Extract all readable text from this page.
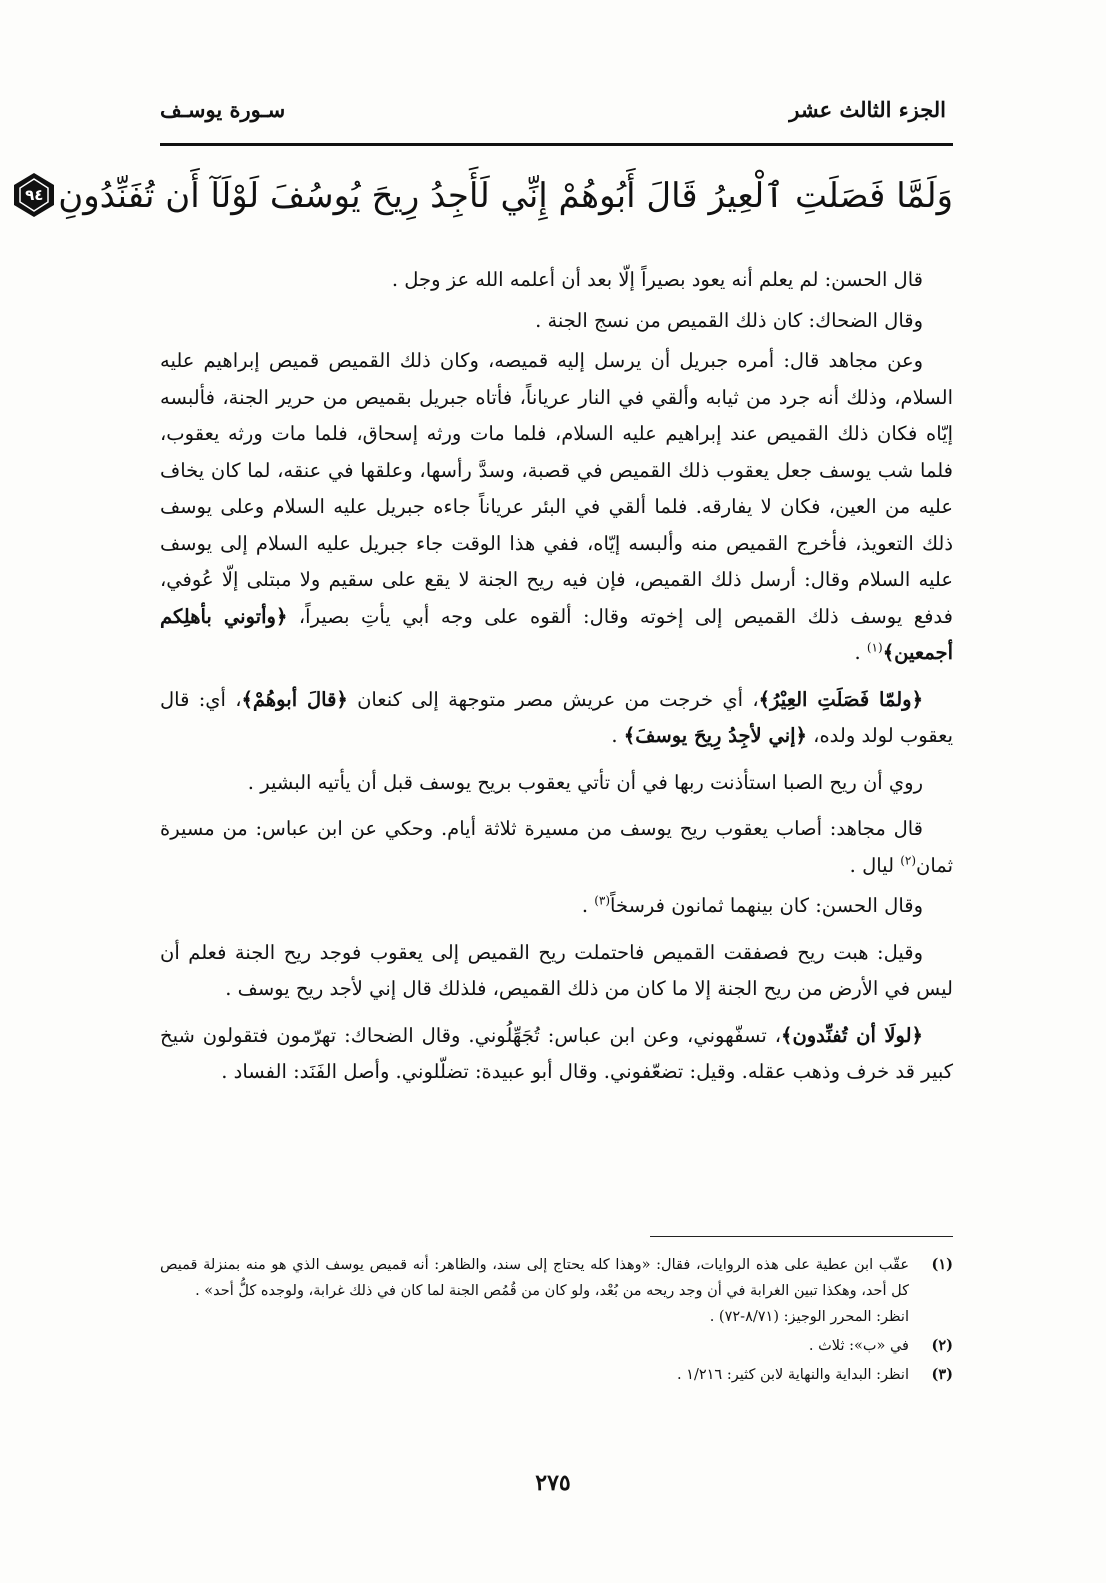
الجزء الثالث عشر
سـورة يوسـف
وَلَمَّا فَصَلَتِ ٱلْعِيرُ قَالَ أَبُوهُمْ إِنِّي لَأَجِدُ رِيحَ يُوسُفَ لَوْلَآ أَن تُفَنِّدُونِ
٩٤

قال الحسن: لم يعلم أنه يعود بصيراً إلّا بعد أن أعلمه الله عز وجل .

وقال الضحاك: كان ذلك القميص من نسج الجنة .

وعن مجاهد قال: أمره جبريل أن يرسل إليه قميصه، وكان ذلك القميص قميص إبراهيم عليه السلام، وذلك أنه جرد من ثيابه وألقي في النار عرياناً، فأتاه جبريل بقميص من حرير الجنة، فألبسه إيّاه فكان ذلك القميص عند إبراهيم عليه السلام، فلما مات ورثه إسحاق، فلما مات ورثه يعقوب، فلما شب يوسف جعل يعقوب ذلك القميص في قصبة، وسدَّ رأسها، وعلقها في عنقه، لما كان يخاف عليه من العين، فكان لا يفارقه. فلما ألقي في البئر عرياناً جاءه جبريل عليه السلام وعلى يوسف ذلك التعويذ، فأخرج القميص منه وألبسه إيّاه، ففي هذا الوقت جاء جبريل عليه السلام إلى يوسف عليه السلام وقال: أرسل ذلك القميص، فإن فيه ريح الجنة لا يقع على سقيم ولا مبتلى إلّا عُوفي، فدفع يوسف ذلك القميص إلى إخوته وقال: ألقوه على وجه أبي يأتِ بصيراً، ﴿وأتوني بأهلِكم أجمعين﴾$^{(١)}$ .

﴿ولمّا فَصَلَتِ العِيْرُ﴾، أي خرجت من عريش مصر متوجهة إلى كنعان ﴿قالَ أبوهُمْ﴾، أي: قال يعقوب لولد ولده، ﴿إني لأجِدُ رِيحَ يوسفَ﴾ .

روي أن ريح الصبا استأذنت ربها في أن تأتي يعقوب بريح يوسف قبل أن يأتيه البشير .

قال مجاهد: أصاب يعقوب ريح يوسف من مسيرة ثلاثة أيام. وحكي عن ابن عباس: من مسيرة ثمان$^{(٢)}$ ليال .

وقال الحسن: كان بينهما ثمانون فرسخاً$^{(٣)}$ .

وقيل: هبت ريح فصفقت القميص فاحتملت ريح القميص إلى يعقوب فوجد ريح الجنة فعلم أن ليس في الأرض من ريح الجنة إلا ما كان من ذلك القميص، فلذلك قال إني لأجد ريح يوسف .

﴿لولَا أن تُفنِّدون﴾، تسفّهوني، وعن ابن عباس: تُجَهِّلُوني. وقال الضحاك: تهرّمون فتقولون شيخ كبير قد خرف وذهب عقله. وقيل: تضعّفوني. وقال أبو عبيدة: تضلّلوني. وأصل الفَنَد: الفساد .

(١)
عقّب ابن عطية على هذه الروايات، فقال: «وهذا كله يحتاج إلى سند، والظاهر: أنه قميص يوسف الذي هو منه بمنزلة قميص كل أحد، وهكذا تبين الغرابة في أن وجد ريحه من بُعْد، ولو كان من قُمُص الجنة لما كان في ذلك غرابة، ولوجده كلُّ أحد» .
انظر: المحرر الوجيز: (٨/٧١-٧٢) .
(٢)
في «ب»: ثلاث .
(٣)
انظر: البداية والنهاية لابن كثير: ١/٢١٦ .
٢٧٥
